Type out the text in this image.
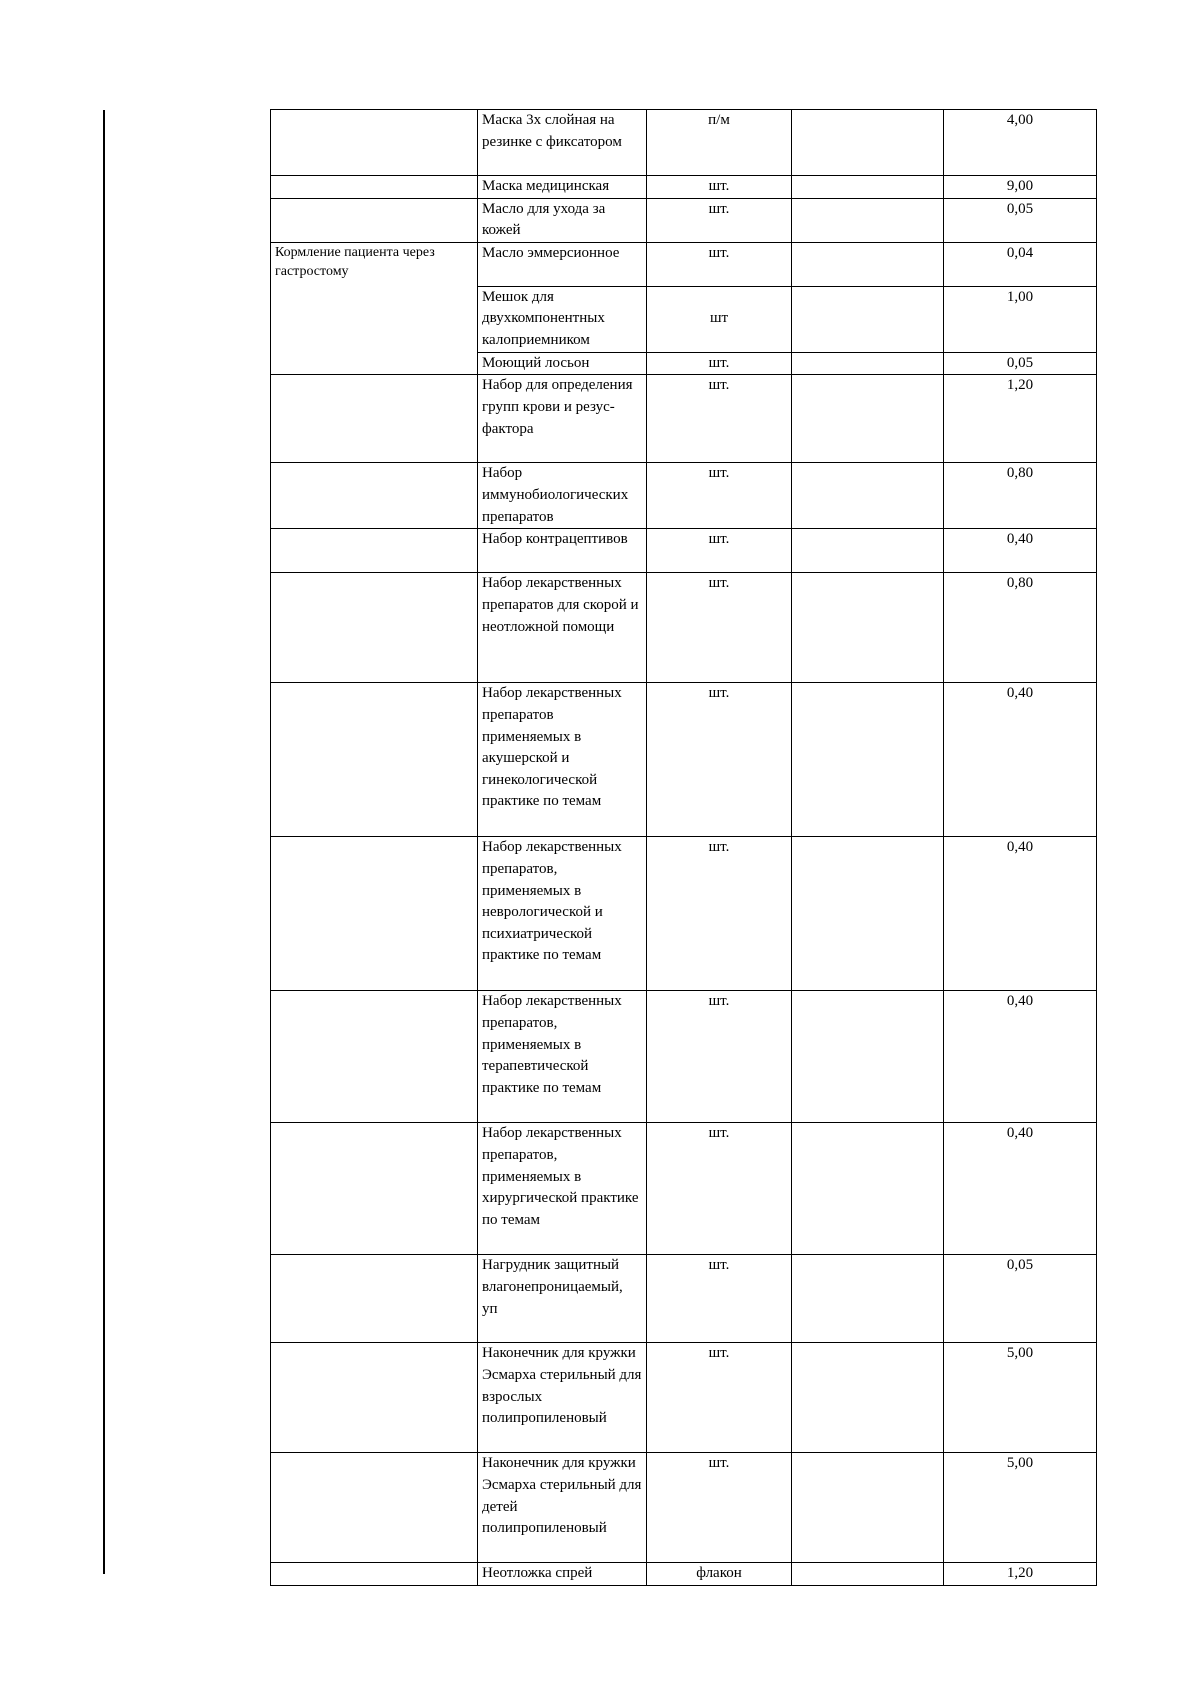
	Маска 3х слойная на резинке с фиксатором	п/м		4,00
	Маска медицинская	шт.		9,00
	Масло для ухода за кожей	шт.		0,05
Кормление пациента через гастростому	Масло эммерсионное	шт.		0,04
	Мешок для двухкомпонентных калоприемником	шт		1,00
	Моющий лосьон	шт.		0,05
	Набор для определения групп крови и резус-фактора	шт.		1,20
	Набор иммунобиологических препаратов	шт.		0,80
	Набор контрацептивов	шт.		0,40
	Набор лекарственных препаратов для скорой и неотложной помощи	шт.		0,80
	Набор лекарственных препаратов применяемых в акушерской и гинекологической практике по темам	шт.		0,40
	Набор лекарственных препаратов, применяемых в неврологической и психиатрической практике по темам	шт.		0,40
	Набор лекарственных препаратов, применяемых в терапевтической практике по темам	шт.		0,40
	Набор лекарственных препаратов, применяемых в хирургической практике по темам	шт.		0,40
	Нагрудник защитный влагонепроницаемый, уп	шт.		0,05
	Наконечник для кружки Эсмарха стерильный для взрослых полипропиленовый	шт.		5,00
	Наконечник для кружки Эсмарха стерильный для детей полипропиленовый	шт.		5,00
	Неотложка спрей	флакон		1,20
